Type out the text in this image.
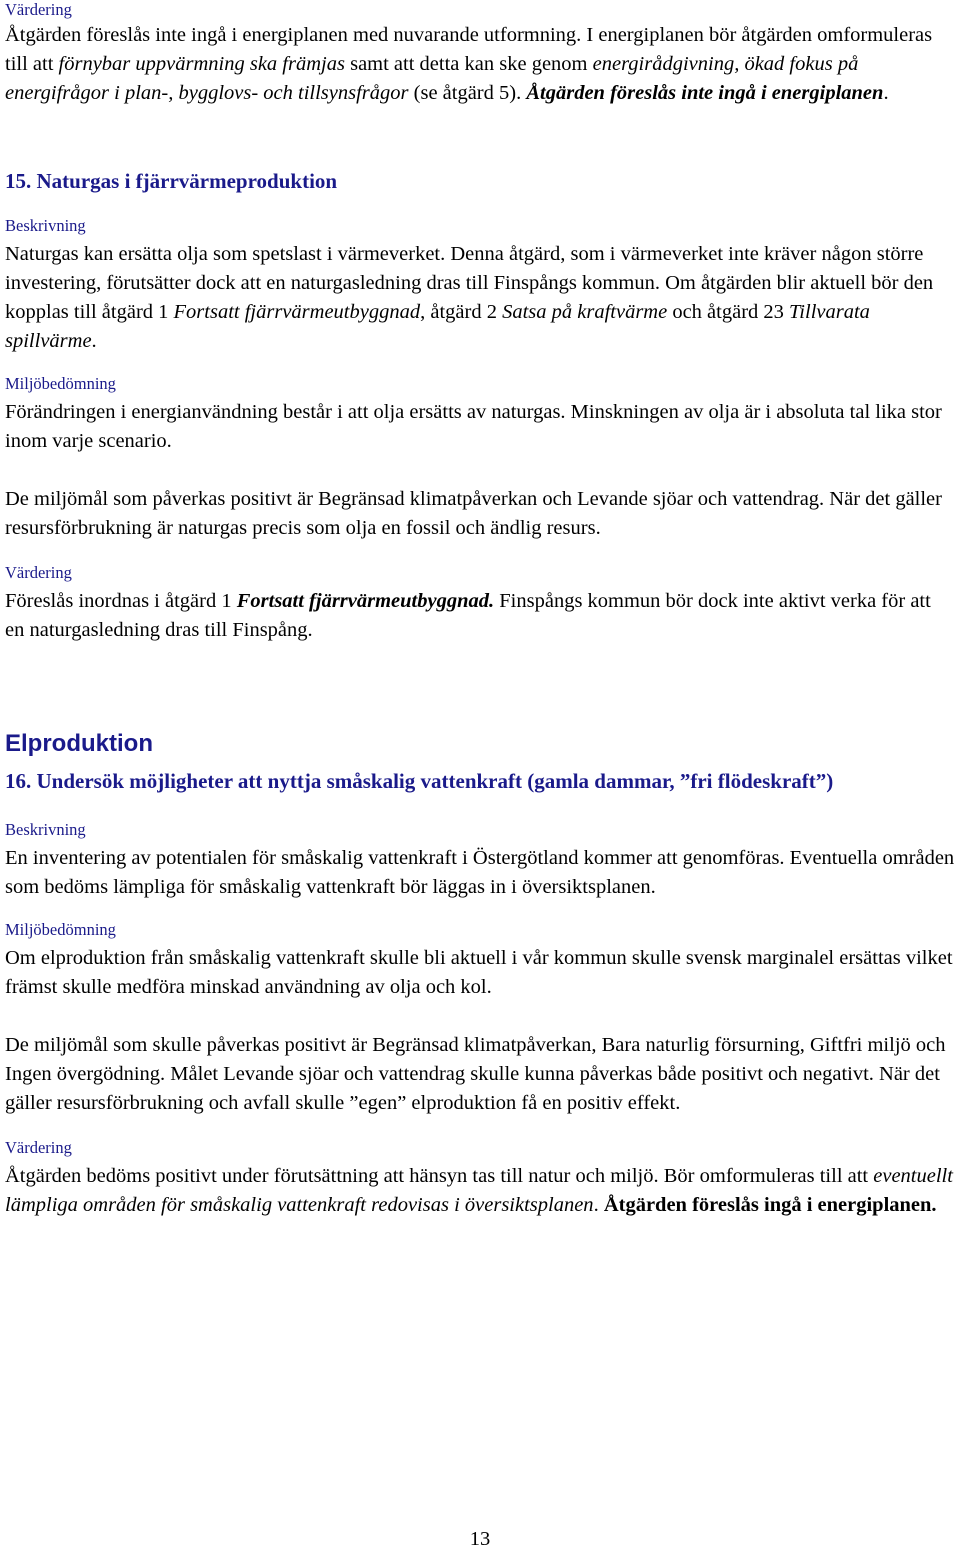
Värdering

Åtgärden föreslås inte ingå i energiplanen med nuvarande utformning. I energiplanen bör åtgärden omformuleras till att förnybar uppvärmning ska främjas samt att detta kan ske genom energirådgivning, ökad fokus på energifrågor i plan-, bygglovs- och tillsynsfrågor (se åtgärd 5). Åtgärden föreslås inte ingå i energiplanen.

15. Naturgas i fjärrvärmeproduktion

Beskrivning

Naturgas kan ersätta olja som spetslast i värmeverket. Denna åtgärd, som i värmeverket inte kräver någon större investering, förutsätter dock att en naturgasledning dras till Finspångs kommun. Om åtgärden blir aktuell bör den kopplas till åtgärd 1 Fortsatt fjärrvärmeutbyggnad, åtgärd 2 Satsa på kraftvärme och åtgärd 23 Tillvarata spillvärme.

Miljöbedömning

Förändringen i energianvändning består i att olja ersätts av naturgas. Minskningen av olja är i absoluta tal lika stor inom varje scenario.

De miljömål som påverkas positivt är Begränsad klimatpåverkan och Levande sjöar och vattendrag. När det gäller resursförbrukning är naturgas precis som olja en fossil och ändlig resurs.

Värdering

Föreslås inordnas i åtgärd 1 Fortsatt fjärrvärmeutbyggnad. Finspångs kommun bör dock inte aktivt verka för att en naturgasledning dras till Finspång.

Elproduktion

16. Undersök möjligheter att nyttja småskalig vattenkraft (gamla dammar, ”fri flödeskraft”)

Beskrivning

En inventering av potentialen för småskalig vattenkraft i Östergötland kommer att genomföras. Eventuella områden som bedöms lämpliga för småskalig vattenkraft bör läggas in i översiktsplanen.

Miljöbedömning

Om elproduktion från småskalig vattenkraft skulle bli aktuell i vår kommun skulle svensk marginalel ersättas vilket främst skulle medföra minskad användning av olja och kol.

De miljömål som skulle påverkas positivt är Begränsad klimatpåverkan, Bara naturlig försurning, Giftfri miljö och Ingen övergödning. Målet Levande sjöar och vattendrag skulle kunna påverkas både positivt och negativt. När det gäller resursförbrukning och avfall skulle ”egen” elproduktion få en positiv effekt.

Värdering

Åtgärden bedöms positivt under förutsättning att hänsyn tas till natur och miljö. Bör omformuleras till att eventuellt lämpliga områden för småskalig vattenkraft redovisas i översiktsplanen. Åtgärden föreslås ingå i energiplanen.

13
